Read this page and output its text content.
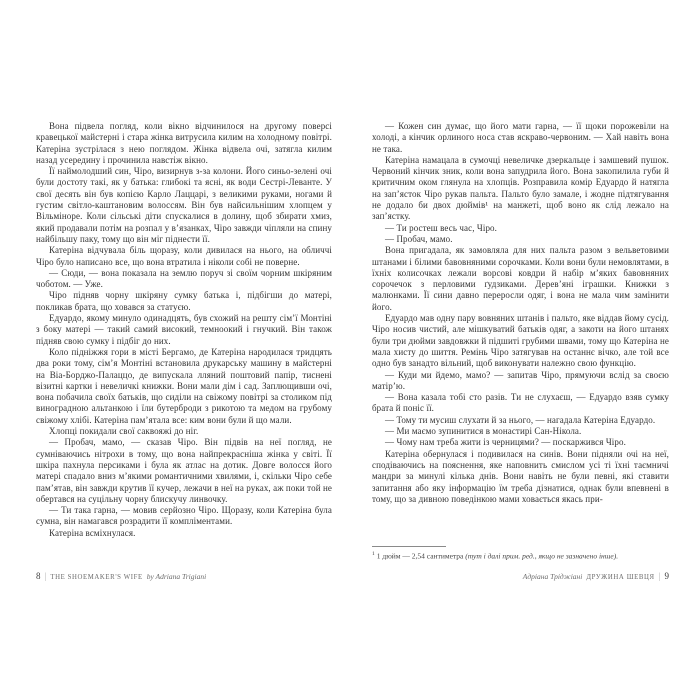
Вона підвела погляд, коли вікно відчинилося на другому поверсі кравецької майстерні і стара жінка витрусила килим на холодному повітрі. Катеріна зустрілася з нею поглядом. Жінка відвела очі, затягла килим назад усередину і прочинила навстіж вікно.

Її наймолодший син, Чіро, визирнув з-за колони. Його синьо-зелені очі були достоту такі, як у батька: глибокі та ясні, як води Сестрі-Леванте. У свої десять він був копією Карло Лаццарі, з великими руками, ногами й густим світло-каштановим волоссям. Він був найсильнішим хлопцем у Вільміноре. Коли сільські діти спускалися в долину, щоб збирати хмиз, який продавали потім на розпал у в’язанках, Чіро завжди чіпляли на спину найбільшу паку, тому що він міг піднести її.

Катеріна відчувала біль щоразу, коли дивилася на нього, на обличчі Чіро було написано все, що вона втратила і ніколи собі не поверне.

— Сюди, — вона показала на землю поруч зі своїм чорним шкіряним чоботом. — Уже.

Чіро підняв чорну шкіряну сумку батька і, підбігши до матері, покликав брата, що ховався за статуєю.

Едуардо, якому минуло одинадцять, був схожий на решту сім’ї Монтіні з боку матері — такий самий високий, темноокий і гнучкий. Він також підняв свою сумку і підбіг до них.

Коло підніжжя гори в місті Бергамо, де Катеріна народилася тридцять два роки тому, сім’я Монтіні встановила друкарську машину в майстерні на Віа-Борджо-Палаццо, де випускала лляний поштовий папір, тиснені візитні картки і невеличкі книжки. Вони мали дім і сад. Заплющивши очі, вона побачила своїх батьків, що сиділи на свіжому повітрі за столиком під виноградною альтанкою і їли бутерброди з рикотою та медом на грубому свіжому хлібі. Катеріна пам’ятала все: ким вони були й що мали.

Хлопці покидали свої саквояжі до ніг.

— Пробач, мамо, — сказав Чіро. Він підвів на неї погляд, не сумніваючись нітрохи в тому, що вона найпрекрасніша жінка у світі. Її шкіра пахнула персиками і була як атлас на дотик. Довге волосся його матері спадало вниз м’якими романтичними хвилями, і, скільки Чіро себе пам’ятав, він завжди крутив її кучер, лежачи в неї на руках, аж поки той не обертався на суцільну чорну блискучу линвочку.

— Ти така гарна, — мовив серйозно Чіро. Щоразу, коли Катеріна була сумна, він намагався розрадити її компліментами.

Катеріна всміхнулася.

— Кожен син думає, що його мати гарна, — її щоки порожевіли на холоді, а кінчик орлиного носа став яскраво-червоним. — Хай навіть вона не така.

Катеріна намацала в сумочці невеличке дзеркальце і замшевий пушок. Червоний кінчик зник, коли вона запудрила його. Вона закопилила губи й критичним оком глянула на хлопців. Розправила комір Едуардо й натягла на зап’ясток Чіро рукав пальта. Пальто було замале, і жодне підтягування не додало би двох дюймів¹ на манжеті, щоб воно як слід лежало на зап’ястку.

— Ти ростеш весь час, Чіро.

— Пробач, мамо.

Вона пригадала, як замовляла для них пальта разом з вельветовими штанами і білими бавовняними сорочками. Коли вони були немовлятами, в їхніх колисочках лежали ворсові ковдри й набір м’яких бавовняних сорочечок з перловими ґудзиками. Дерев’яні іграшки. Книжки з малюнками. Її сини давно переросли одяг, і вона не мала чим замінити його.

Едуардо мав одну пару вовняних штанів і пальто, яке віддав йому сусід. Чіро носив чистий, але мішкуватий батьків одяг, а закоти на його штанях були три дюйми завдовжки й підшиті грубими швами, тому що Катеріна не мала хисту до шиття. Ремінь Чіро затягував на останнє вічко, але той все одно був занадто вільний, щоб виконувати належно свою функцію.

— Куди ми йдемо, мамо? — запитав Чіро, прямуючи вслід за своєю матір’ю.

— Вона казала тобі сто разів. Ти не слухаєш, — Едуардо взяв сумку брата й поніс її.

— Тому ти мусиш слухати й за нього, — нагадала Катеріна Едуардо.

— Ми маємо зупинитися в монастирі Сан-Нікола.

— Чому нам треба жити із черницями? — поскаржився Чіро.

Катеріна обернулася і подивилася на синів. Вони підняли очі на неї, сподіваючись на пояснення, яке наповнить смислом усі ті їхні таємничі мандри за минулі кілька днів. Вони навіть не були певні, які ставити запитання або яку інформацію їм треба дізнатися, однак були впевнені в тому, що за дивною поведінкою мами ховається якась при-

$^1$ 1 дюйм — 2,54 сантиметра (тут і далі прим. ред., якщо не зазначено інше).
8 | THE SHOEMAKER'S WIFE by Adriana Trigiani	Адріана Тріджіані ДРУЖИНА ШЕВЦЯ | 9
